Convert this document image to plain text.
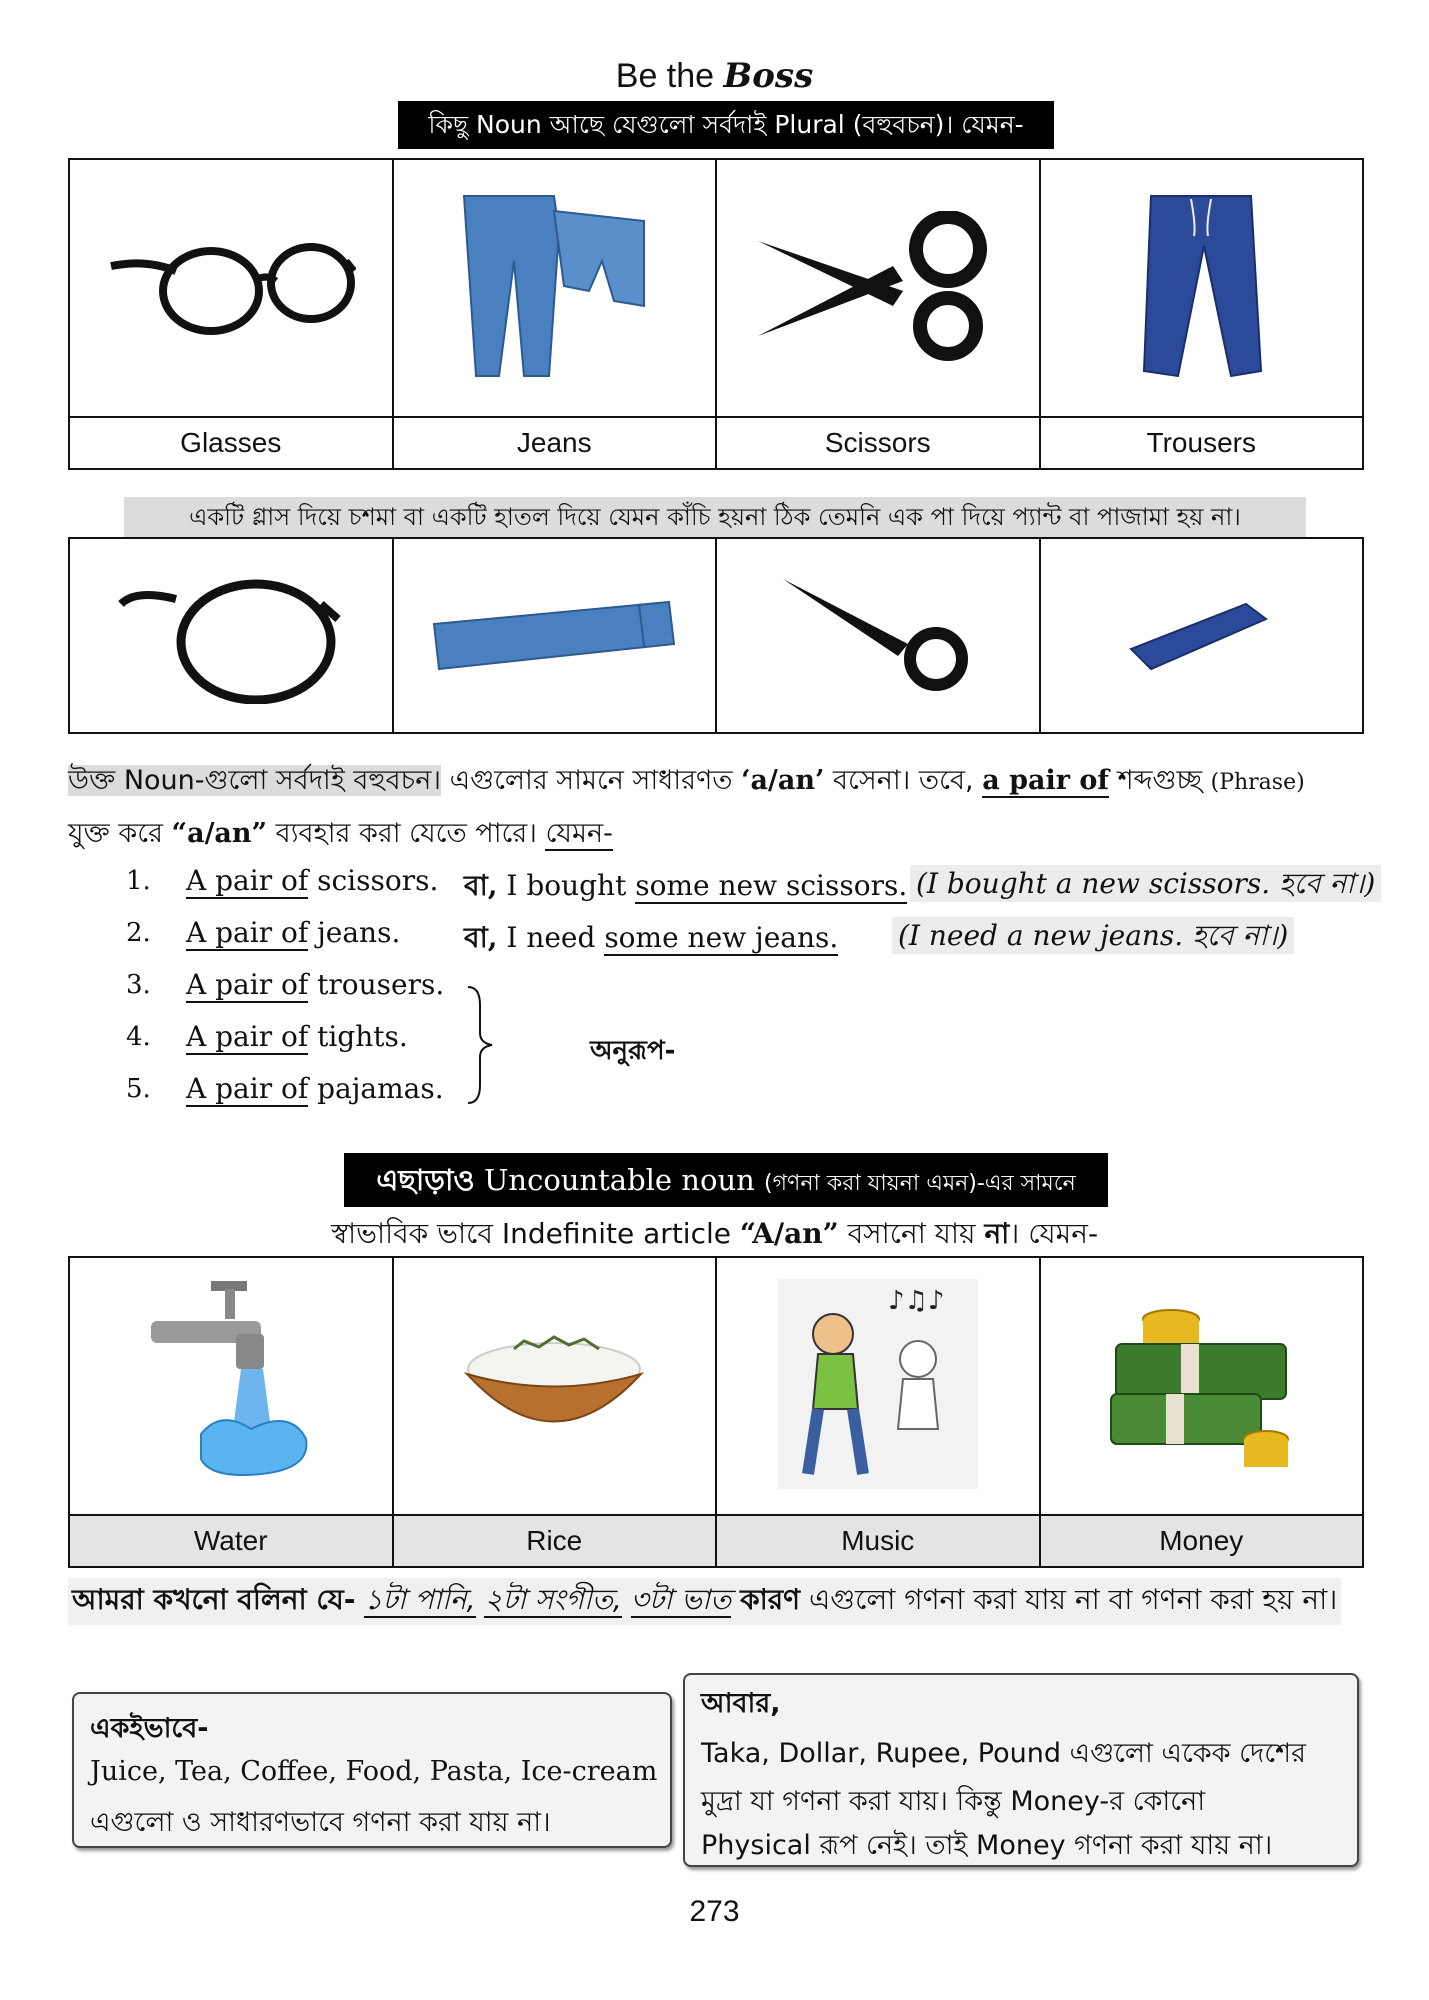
Be the Boss
কিছু Noun আছে যেগুলো সর্বদাই Plural (বহুবচন)। যেমন-

Glasses	Jeans	Scissors	Trousers
একটি গ্লাস দিয়ে চশমা বা একটি হাতল দিয়ে যেমন কাঁচি হয়না ঠিক তেমনি এক পা দিয়ে প্যান্ট বা পাজামা হয় না।

উক্ত Noun-গুলো সর্বদাই বহুবচন। এগুলোর সামনে সাধারণত ‘a/an’ বসেনা। তবে, a pair of শব্দগুচ্ছ (Phrase)
যুক্ত করে “a/an” ব্যবহার করা যেতে পারে। যেমন-
1. A pair of scissors. বা, I bought some new scissors. (I bought a new scissors. হবে না।)
2. A pair of jeans. বা, I need some new jeans. (I need a new jeans. হবে না।)
3. A pair of trousers.
4. A pair of tights.
5. A pair of pajamas.
অনুরূপ-
এছাড়াও Uncountable noun (গণনা করা যায়না এমন)-এর সামনে
স্বাভাবিক ভাবে Indefinite article “A/an” বসানো যায় না। যেমন-

♪♫♪

Water	Rice	Music	Money
আমরা কখনো বলিনা যে- ১টা পানি, ২টা সংগীত, ৩টা ভাত কারণ এগুলো গণনা করা যায় না বা গণনা করা হয় না।
একইভাবে-
Juice, Tea, Coffee, Food, Pasta, Ice-cream
এগুলো ও সাধারণভাবে গণনা করা যায় না।
আবার,
Taka, Dollar, Rupee, Pound এগুলো একেক দেশের
মুদ্রা যা গণনা করা যায়। কিন্তু Money-র কোনো
Physical রূপ নেই। তাই Money গণনা করা যায় না।
273
